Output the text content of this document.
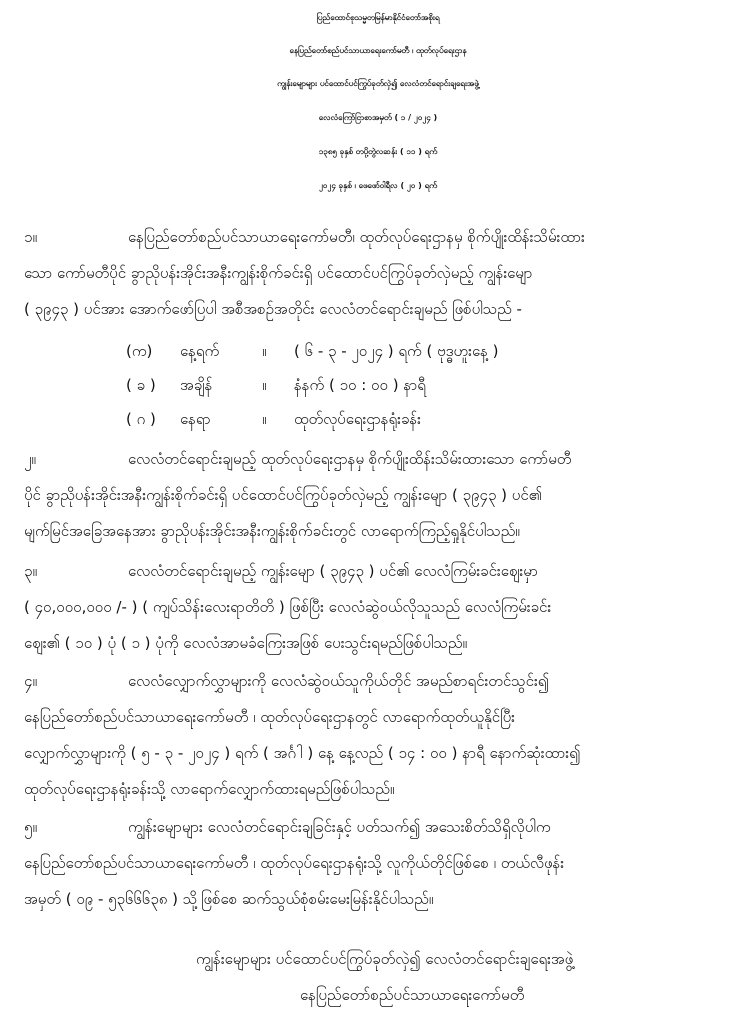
ပြည်ထောင်စုသမ္မတမြန်မာနိုင်ငံတော်အစိုးရ
နေပြည်တော်စည်ပင်သာယာရေးကော်မတီ ၊ ထုတ်လုပ်ရေးဌာန
ကျွန်းမျောများ ပင်ထောင်ပင်ကြွပ်ခုတ်လှဲ၍ လေလံတင်ရောင်းချရေးအဖွဲ့
လေလံကြော်ငြာစာအမှတ် ( ၁ / ၂၀၂၄ )
၁၃၈၅ ခုနှစ် တပို့တွဲလဆန်း ( ၁၁ ) ရက်
၂၀၂၄ ခုနှစ် ၊ ဖေဖော်ဝါရီလ ( ၂၀ ) ရက်
၁။	နေပြည်တော်စည်ပင်သာယာရေးကော်မတီ၊ ထုတ်လုပ်ရေးဌာနမှ စိုက်ပျိုးထိန်းသိမ်းထား
သော ကော်မတီပိုင် ခွာညိုပန်းအိုင်းအနီးကျွန်းစိုက်ခင်းရှိ ပင်ထောင်ပင်ကြွပ်ခုတ်လှဲမည့် ကျွန်းမျော
( ၃၉၄၃ ) ပင်အား အောက်ဖော်ပြပါ အစီအစဉ်အတိုင်း လေလံတင်ရောင်းချမည် ဖြစ်ပါသည် -
(က) နေ့ရက်	။ ( ၆ - ၃ - ၂၀၂၄ ) ရက် ( ဗုဒ္ဓဟူးနေ့ )
( ခ ) အချိန်	။ နံနက် ( ၁၀ : ၀၀ ) နာရီ
( ဂ ) နေရာ	။ ထုတ်လုပ်ရေးဌာနရုံးခန်း
၂။	လေလံတင်ရောင်းချမည့် ထုတ်လုပ်ရေးဌာနမှ စိုက်ပျိုးထိန်းသိမ်းထားသော ကော်မတီ
ပိုင် ခွာညိုပန်းအိုင်းအနီးကျွန်းစိုက်ခင်းရှိ ပင်ထောင်ပင်ကြွပ်ခုတ်လှဲမည့် ကျွန်းမျော ( ၃၉၄၃ ) ပင်၏
မျက်မြင်အခြေအနေအား ခွာညိုပန်းအိုင်းအနီးကျွန်းစိုက်ခင်းတွင် လာရောက်ကြည့်ရှုနိုင်ပါသည်။
၃။	လေလံတင်ရောင်းချမည့် ကျွန်းမျော ( ၃၉၄၃ ) ပင်၏ လေလံကြမ်းခင်းဈေးမှာ
( ၄၀,၀၀၀,၀၀၀ /- ) ( ကျပ်သိန်းလေးရာတိတိ ) ဖြစ်ပြီး လေလံဆွဲဝယ်လိုသူသည် လေလံကြမ်းခင်း
ဈေး၏ ( ၁၀ ) ပုံ ( ၁ ) ပုံကို လေလံအာမခံကြေးအဖြစ် ပေးသွင်းရမည်ဖြစ်ပါသည်။
၄။	လေလံလျှောက်လွှာများကို လေလံဆွဲဝယ်သူကိုယ်တိုင် အမည်စာရင်းတင်သွင်း၍
နေပြည်တော်စည်ပင်သာယာရေးကော်မတီ ၊ ထုတ်လုပ်ရေးဌာနတွင် လာရောက်ထုတ်ယူနိုင်ပြီး
လျှောက်လွှာများကို ( ၅ - ၃ - ၂၀၂၄ ) ရက် ( အင်္ဂါ ) နေ့ နေ့လည် ( ၁၄ : ၀၀ ) နာရီ နောက်ဆုံးထား၍
ထုတ်လုပ်ရေးဌာနရုံးခန်းသို့ လာရောက်လျှောက်ထားရမည်ဖြစ်ပါသည်။
၅။	ကျွန်းမျောများ လေလံတင်ရောင်းချခြင်းနှင့် ပတ်သက်၍ အသေးစိတ်သိရှိလိုပါက
နေပြည်တော်စည်ပင်သာယာရေးကော်မတီ ၊ ထုတ်လုပ်ရေးဌာနရုံးသို့ လူကိုယ်တိုင်ဖြစ်စေ ၊ တယ်လီဖုန်း
အမှတ် ( ၀၉ - ၅၃၆၆၆၃၈ ) သို့ဖြစ်စေ ဆက်သွယ်စုံစမ်းမေးမြန်းနိုင်ပါသည်။
ကျွန်းမျောများ ပင်ထောင်ပင်ကြွပ်ခုတ်လှဲ၍ လေလံတင်ရောင်းချရေးအဖွဲ့
နေပြည်တော်စည်ပင်သာယာရေးကော်မတီ
